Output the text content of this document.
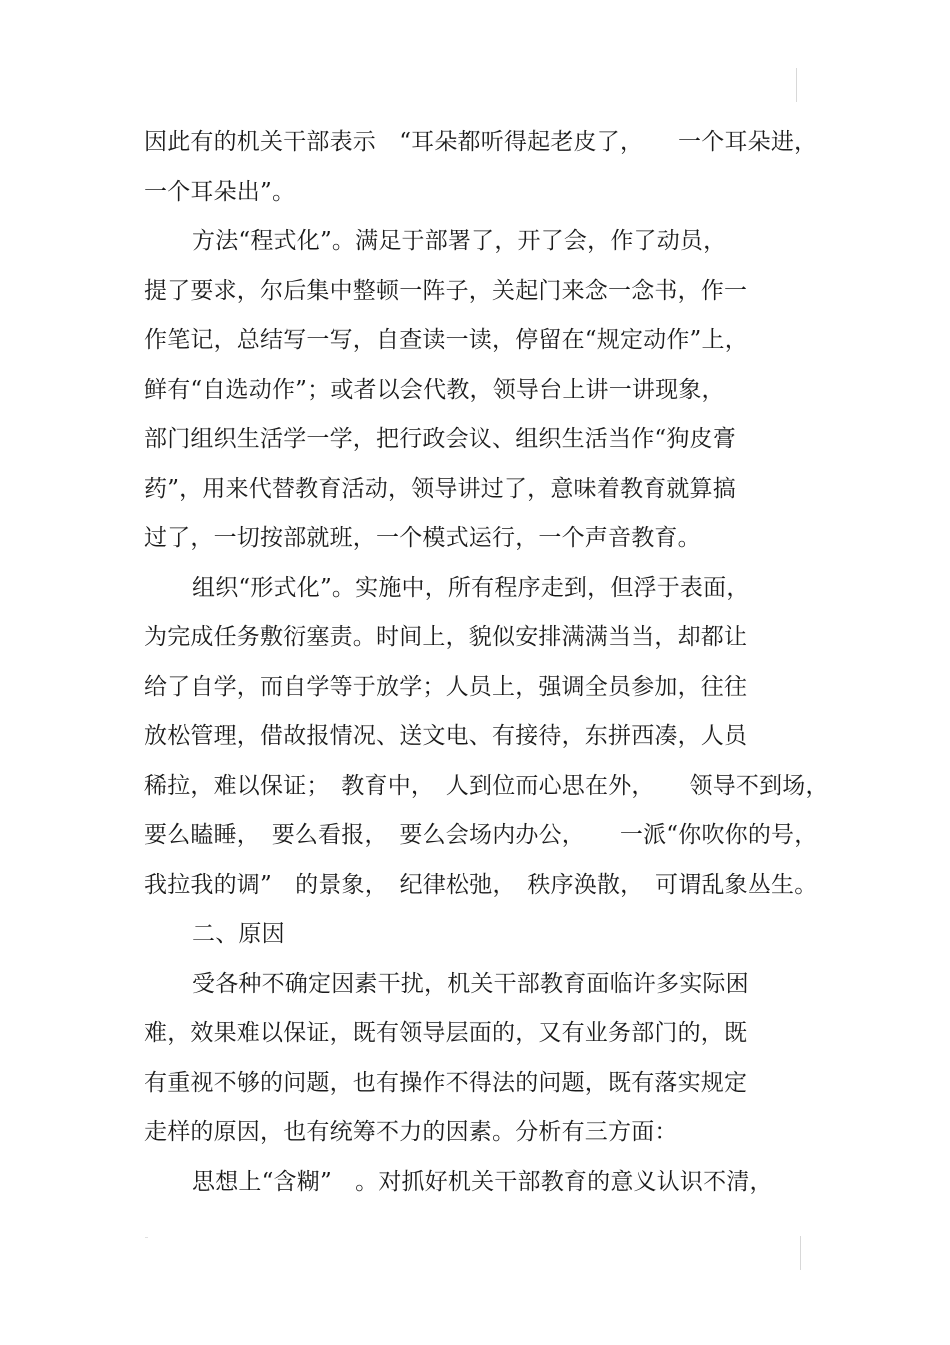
因此有的机关干部表示　“耳朵都听得起老皮了，　　一个耳朵进，
一个耳朵出”。
方法“程式化”。满足于部署了，开了会，作了动员，
提了要求，尔后集中整顿一阵子，关起门来念一念书，作一
作笔记，总结写一写，自查读一读，停留在“规定动作”上，
鲜有“自选动作”；或者以会代教，领导台上讲一讲现象，
部门组织生活学一学，把行政会议、组织生活当作“狗皮膏
药”，用来代替教育活动，领导讲过了，意味着教育就算搞
过了，一切按部就班，一个模式运行，一个声音教育。
组织“形式化”。实施中，所有程序走到，但浮于表面，
为完成任务敷衍塞责。时间上，貌似安排满满当当，却都让
给了自学，而自学等于放学；人员上，强调全员参加，往往
放松管理，借故报情况、送文电、有接待，东拼西凑，人员
稀拉，难以保证；　教育中，　人到位而心思在外，　　领导不到场，
要么瞌睡，　要么看报，　要么会场内办公，　　一派“你吹你的号，
我拉我的调”　的景象，　纪律松弛，　秩序涣散，　可谓乱象丛生。
二、原因
受各种不确定因素干扰，机关干部教育面临许多实际困
难，效果难以保证，既有领导层面的，又有业务部门的，既
有重视不够的问题，也有操作不得法的问题，既有落实规定
走样的原因，也有统筹不力的因素。分析有三方面：
思想上“含糊”　。对抓好机关干部教育的意义认识不清，
